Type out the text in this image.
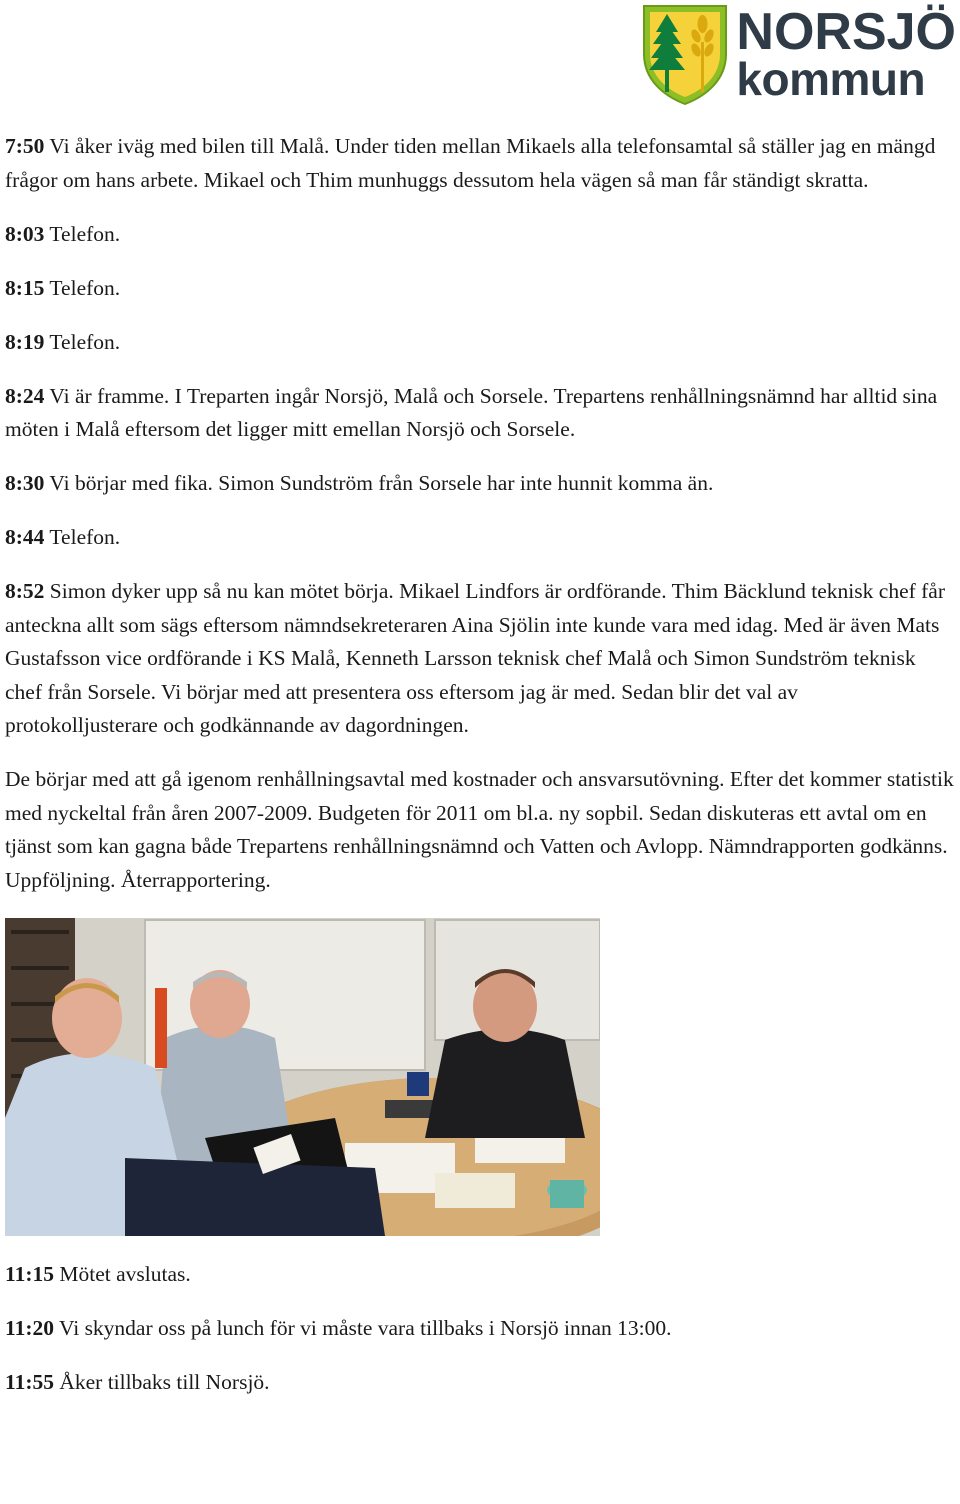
NORSJÖ
kommun

7:50 Vi åker iväg med bilen till Malå. Under tiden mellan Mikaels alla telefonsamtal så ställer jag en mängd frågor om hans arbete. Mikael och Thim munhuggs dessutom hela vägen så man får ständigt skratta.

8:03 Telefon.

8:15 Telefon.

8:19 Telefon.

8:24 Vi är framme. I Treparten ingår Norsjö, Malå och Sorsele. Trepartens renhållningsnämnd har alltid sina möten i Malå eftersom det ligger mitt emellan Norsjö och Sorsele.

8:30 Vi börjar med fika. Simon Sundström från Sorsele har inte hunnit komma än.

8:44 Telefon.

8:52 Simon dyker upp så nu kan mötet börja. Mikael Lindfors är ordförande. Thim Bäcklund teknisk chef får anteckna allt som sägs eftersom nämndsekreteraren Aina Sjölin inte kunde vara med idag. Med är även Mats Gustafsson vice ordförande i KS Malå, Kenneth Larsson teknisk chef Malå och Simon Sundström teknisk chef från Sorsele. Vi börjar med att presentera oss eftersom jag är med. Sedan blir det val av protokolljusterare och godkännande av dagordningen.

De börjar med att gå igenom renhållningsavtal med kostnader och ansvarsutövning. Efter det kommer statistik med nyckeltal från åren 2007-2009. Budgeten för 2011 om bl.a. ny sopbil. Sedan diskuteras ett avtal om en tjänst som kan gagna både Trepartens renhållningsnämnd och Vatten och Avlopp. Nämndrapporten godkänns. Uppföljning. Återrapportering.

11:15 Mötet avslutas.

11:20 Vi skyndar oss på lunch för vi måste vara tillbaks i Norsjö innan 13:00.

11:55 Åker tillbaks till Norsjö.
